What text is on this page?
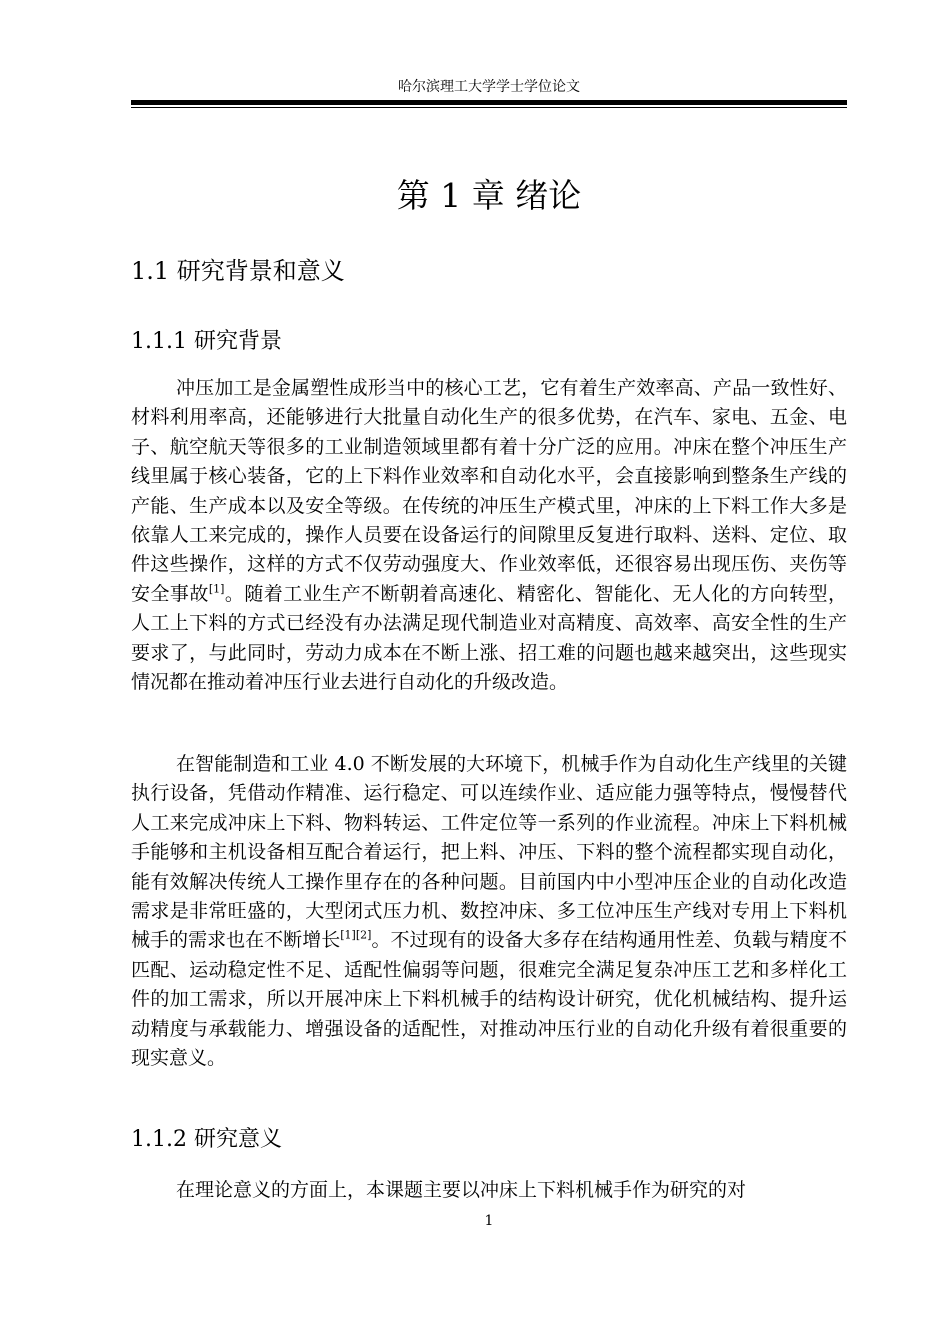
哈尔滨理工大学学士学位论文
第 1 章 绪论
1.1 研究背景和意义
1.1.1 研究背景

冲压加工是金属塑性成形当中的核心工艺，它有着生产效率高、产品一致性好、材料利用率高，还能够进行大批量自动化生产的很多优势，在汽车、家电、五金、电子、航空航天等很多的工业制造领域里都有着十分广泛的应用。冲床在整个冲压生产线里属于核心装备，它的上下料作业效率和自动化水平，会直接影响到整条生产线的产能、生产成本以及安全等级。在传统的冲压生产模式里，冲床的上下料工作大多是依靠人工来完成的，操作人员要在设备运行的间隙里反复进行取料、送料、定位、取件这些操作，这样的方式不仅劳动强度大、作业效率低，还很容易出现压伤、夹伤等安全事故[1]。随着工业生产不断朝着高速化、精密化、智能化、无人化的方向转型，人工上下料的方式已经没有办法满足现代制造业对高精度、高效率、高安全性的生产要求了，与此同时，劳动力成本在不断上涨、招工难的问题也越来越突出，这些现实情况都在推动着冲压行业去进行自动化的升级改造。

在智能制造和工业 4.0 不断发展的大环境下，机械手作为自动化生产线里的关键执行设备，凭借动作精准、运行稳定、可以连续作业、适应能力强等特点，慢慢替代人工来完成冲床上下料、物料转运、工件定位等一系列的作业流程。冲床上下料机械手能够和主机设备相互配合着运行，把上料、冲压、下料的整个流程都实现自动化，能有效解决传统人工操作里存在的各种问题。目前国内中小型冲压企业的自动化改造需求是非常旺盛的，大型闭式压力机、数控冲床、多工位冲压生产线对专用上下料机械手的需求也在不断增长[1][2]。不过现有的设备大多存在结构通用性差、负载与精度不匹配、运动稳定性不足、适配性偏弱等问题，很难完全满足复杂冲压工艺和多样化工件的加工需求，所以开展冲床上下料机械手的结构设计研究，优化机械结构、提升运动精度与承载能力、增强设备的适配性，对推动冲压行业的自动化升级有着很重要的现实意义。

1.1.2 研究意义

在理论意义的方面上，本课题主要以冲床上下料机械手作为研究的对

1
